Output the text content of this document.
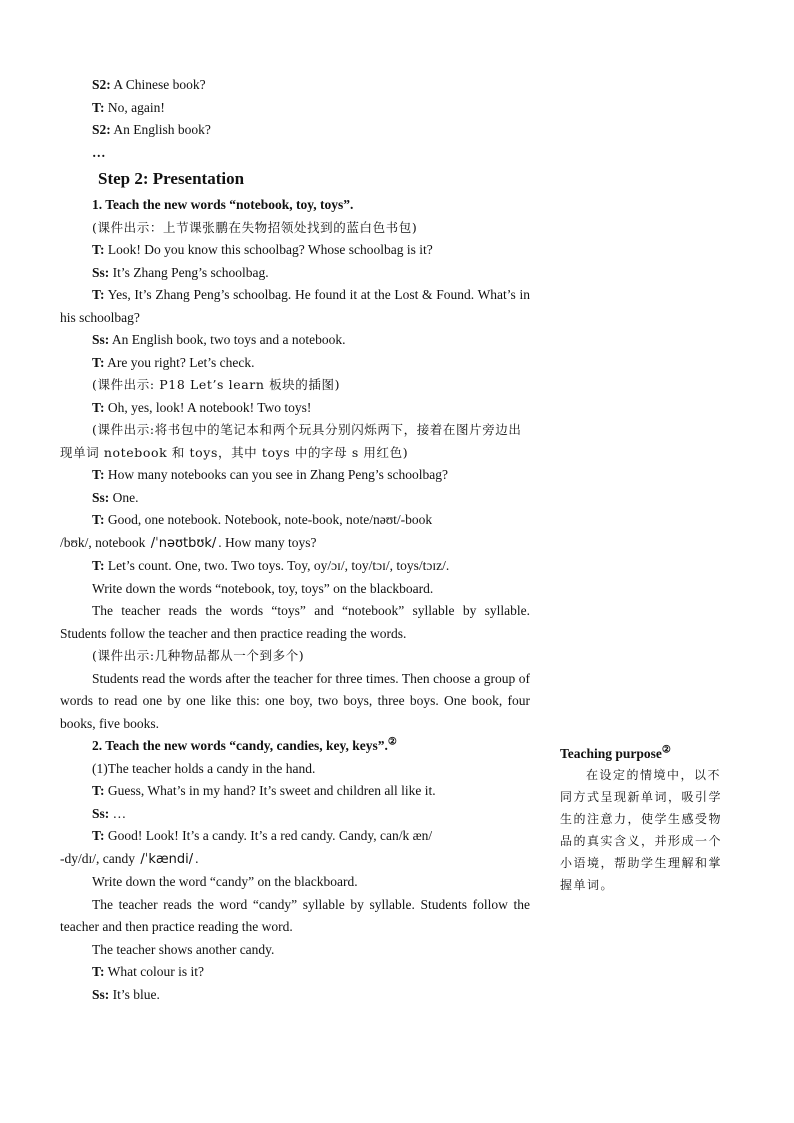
S2: A Chinese book?

T: No, again!

S2: An English book?

…

Step 2: Presentation

1. Teach the new words “notebook, toy, toys”.

(课件出示：上节课张鹏在失物招领处找到的蓝白色书包)

T: Look! Do you know this schoolbag? Whose schoolbag is it?

Ss: It’s Zhang Peng’s schoolbag.

T: Yes, It’s Zhang Peng’s schoolbag. He found it at the Lost & Found. What’s in his schoolbag?

Ss: An English book, two toys and a notebook.

T: Are you right? Let’s check.

(课件出示: P18 Let’s learn 板块的插图)

T: Oh, yes, look! A notebook! Two toys!

(课件出示:将书包中的笔记本和两个玩具分别闪烁两下，接着在图片旁边出现单词 notebook 和 toys，其中 toys 中的字母 s 用红色)

T: How many notebooks can you see in Zhang Peng’s schoolbag?

Ss: One.

T: Good, one notebook. Notebook, note-book, note/nəʊt/-book

/bʊk/, notebook /ˈnəʊtbʊk/ . How many toys?

T: Let’s count. One, two. Two toys. Toy, oy/ɔɪ/, toy/tɔɪ/, toys/tɔɪz/.

Write down the words “notebook, toy, toys” on the blackboard.

The teacher reads the words “toys” and “notebook” syllable by syllable. Students follow the teacher and then practice reading the words.

(课件出示:几种物品都从一个到多个)

Students read the words after the teacher for three times. Then choose a group of words to read one by one like this: one boy, two boys, three boys. One book, four books, five books.

2. Teach the new words “candy, candies, key, keys”.②

(1)The teacher holds a candy in the hand.

T: Guess, What’s in my hand? It’s sweet and children all like it.

Ss: …

T: Good! Look! It’s a candy. It’s a red candy. Candy, can/k æn/

-dy/dɪ/, candy /ˈkændi/ .

Write down the word “candy” on the blackboard.

The teacher reads the word “candy” syllable by syllable. Students follow the teacher and then practice reading the word.

The teacher shows another candy.

T: What colour is it?

Ss: It’s blue.

Teaching purpose②

在设定的情境中，以不同方式呈现新单词，吸引学生的注意力，使学生感受物品的真实含义，并形成一个小语境，帮助学生理解和掌握单词。
